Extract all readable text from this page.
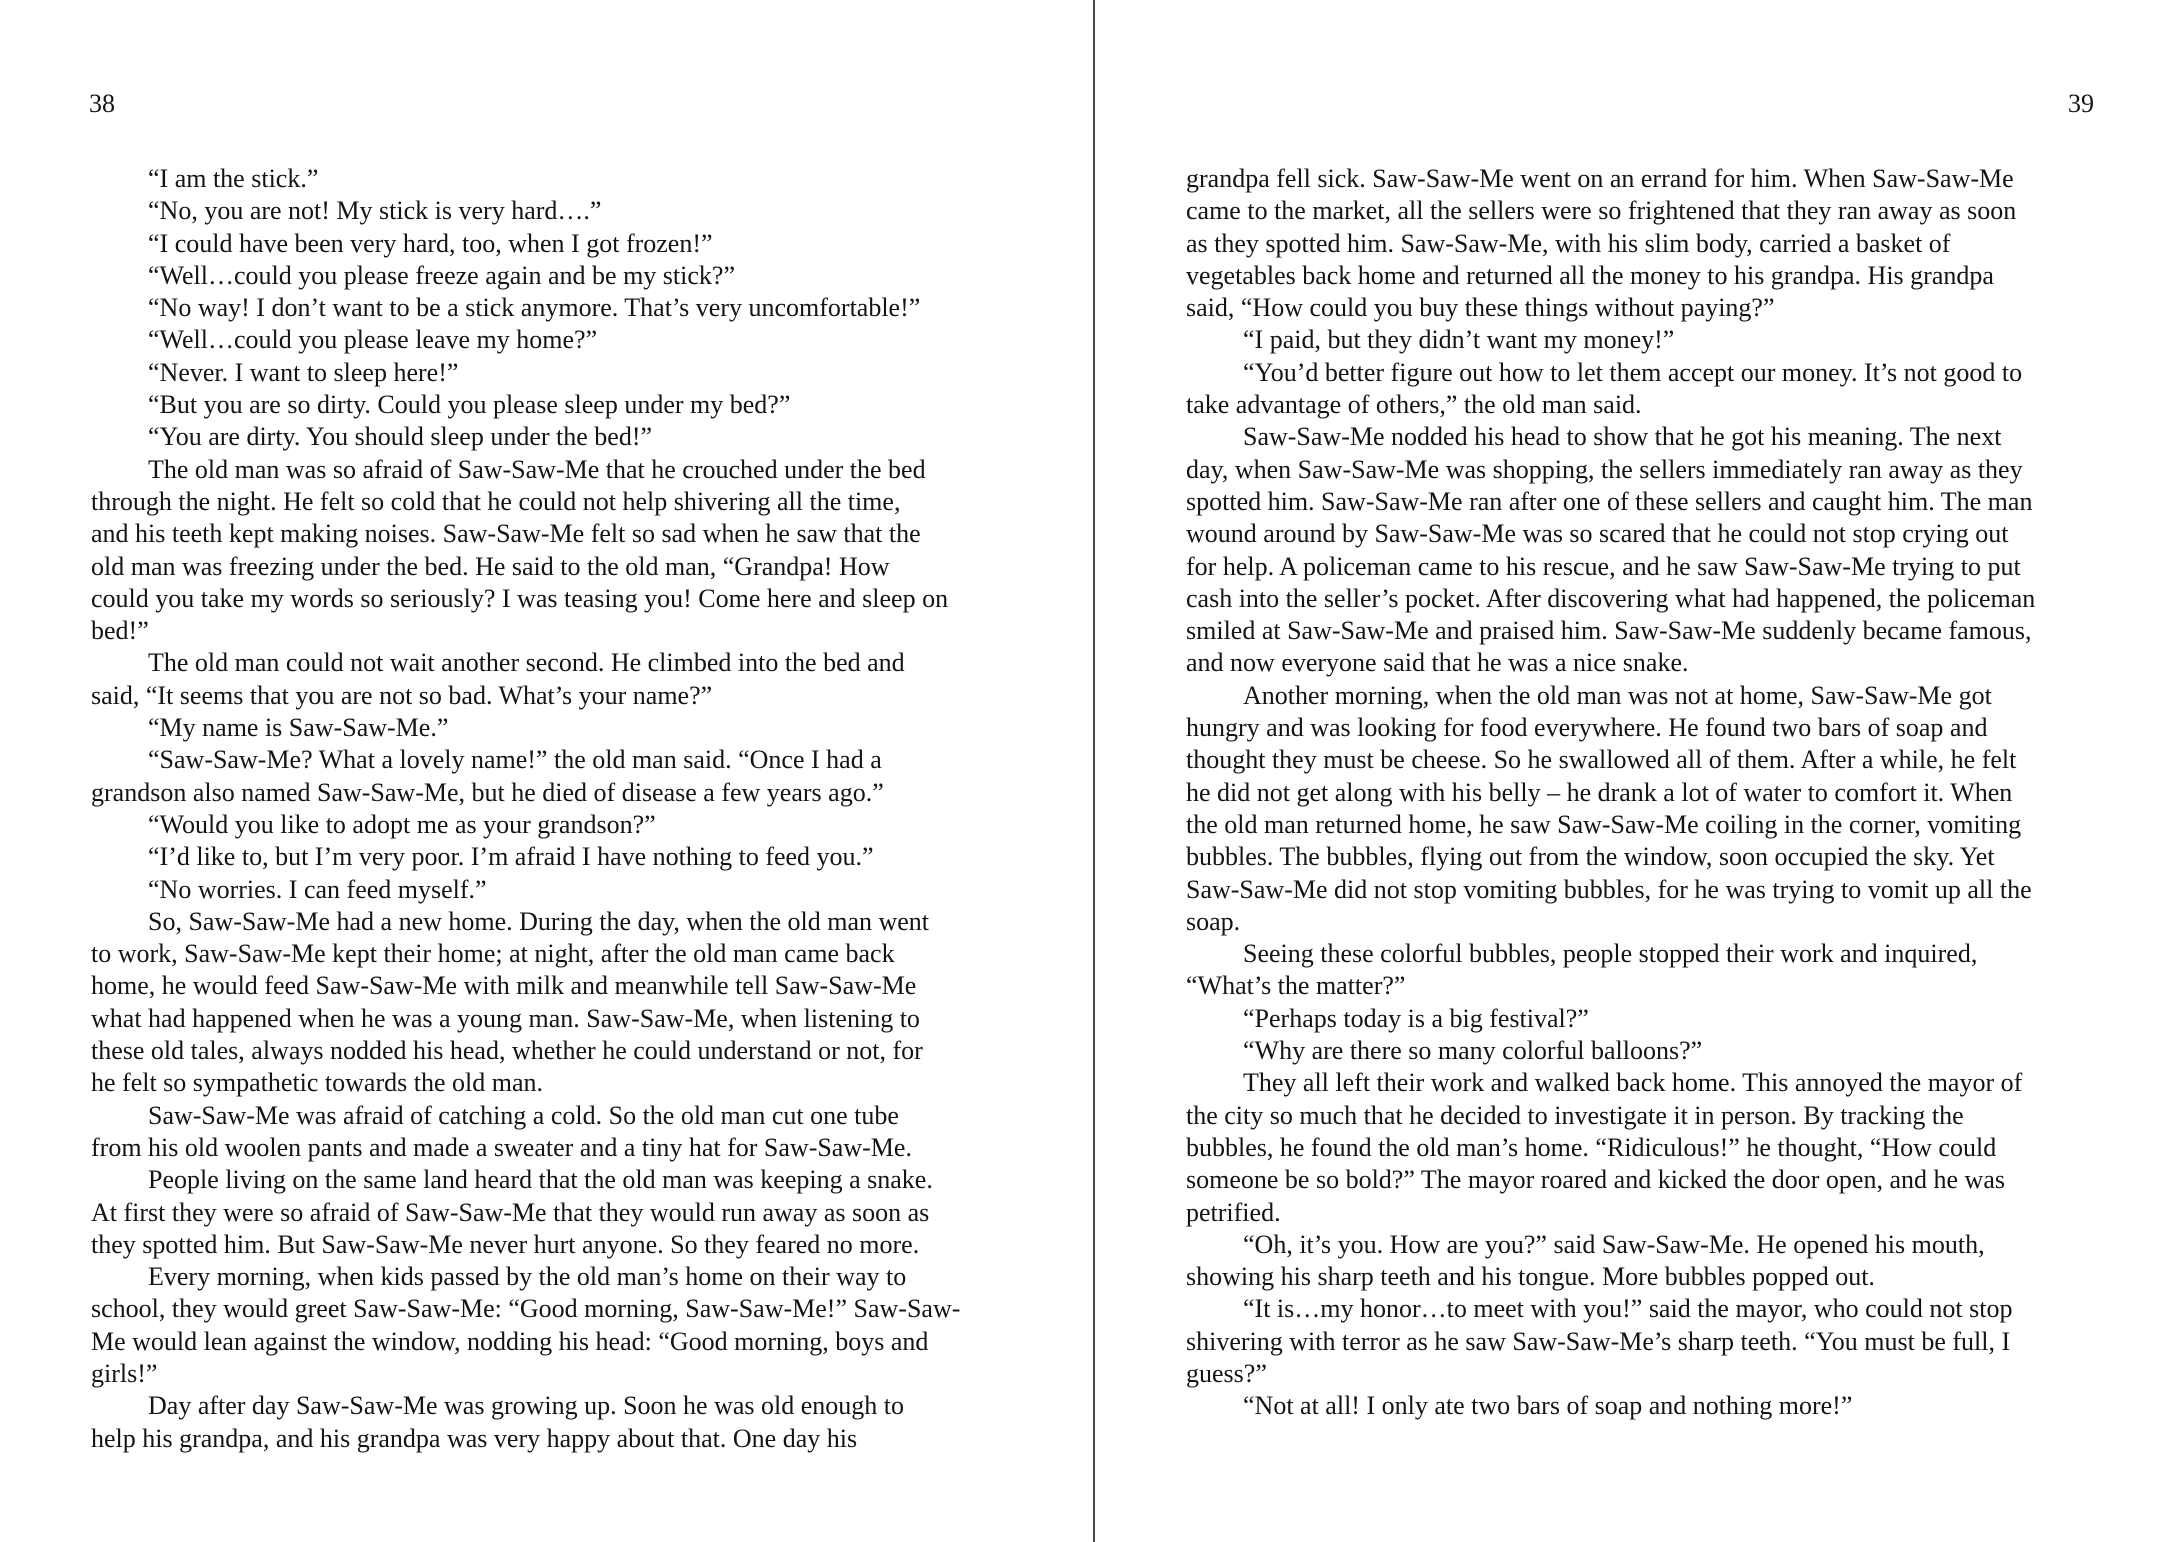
38	39
“I am the stick.”
“No, you are not! My stick is very hard….”
“I could have been very hard, too, when I got frozen!”
“Well…could you please freeze again and be my stick?”
“No way! I don’t want to be a stick anymore. That’s very uncomfortable!”
“Well…could you please leave my home?”
“Never. I want to sleep here!”
“But you are so dirty. Could you please sleep under my bed?”
“You are dirty. You should sleep under the bed!”
The old man was so afraid of Saw-Saw-Me that he crouched under the bed
through the night. He felt so cold that he could not help shivering all the time,
and his teeth kept making noises. Saw-Saw-Me felt so sad when he saw that the
old man was freezing under the bed. He said to the old man, “Grandpa! How
could you take my words so seriously? I was teasing you! Come here and sleep on
bed!”
The old man could not wait another second. He climbed into the bed and
said, “It seems that you are not so bad. What’s your name?”
“My name is Saw-Saw-Me.”
“Saw-Saw-Me? What a lovely name!” the old man said. “Once I had a
grandson also named Saw-Saw-Me, but he died of disease a few years ago.”
“Would you like to adopt me as your grandson?”
“I’d like to, but I’m very poor. I’m afraid I have nothing to feed you.”
“No worries. I can feed myself.”
So, Saw-Saw-Me had a new home. During the day, when the old man went
to work, Saw-Saw-Me kept their home; at night, after the old man came back
home, he would feed Saw-Saw-Me with milk and meanwhile tell Saw-Saw-Me
what had happened when he was a young man. Saw-Saw-Me, when listening to
these old tales, always nodded his head, whether he could understand or not, for
he felt so sympathetic towards the old man.
Saw-Saw-Me was afraid of catching a cold. So the old man cut one tube
from his old woolen pants and made a sweater and a tiny hat for Saw-Saw-Me.
People living on the same land heard that the old man was keeping a snake.
At first they were so afraid of Saw-Saw-Me that they would run away as soon as
they spotted him. But Saw-Saw-Me never hurt anyone. So they feared no more.
Every morning, when kids passed by the old man’s home on their way to
school, they would greet Saw-Saw-Me: “Good morning, Saw-Saw-Me!” Saw-Saw-
Me would lean against the window, nodding his head: “Good morning, boys and
girls!”
Day after day Saw-Saw-Me was growing up. Soon he was old enough to
help his grandpa, and his grandpa was very happy about that. One day his
grandpa fell sick. Saw-Saw-Me went on an errand for him. When Saw-Saw-Me
came to the market, all the sellers were so frightened that they ran away as soon
as they spotted him. Saw-Saw-Me, with his slim body, carried a basket of
vegetables back home and returned all the money to his grandpa. His grandpa
said, “How could you buy these things without paying?”
“I paid, but they didn’t want my money!”
“You’d better figure out how to let them accept our money. It’s not good to
take advantage of others,” the old man said.
Saw-Saw-Me nodded his head to show that he got his meaning. The next
day, when Saw-Saw-Me was shopping, the sellers immediately ran away as they
spotted him. Saw-Saw-Me ran after one of these sellers and caught him. The man
wound around by Saw-Saw-Me was so scared that he could not stop crying out
for help. A policeman came to his rescue, and he saw Saw-Saw-Me trying to put
cash into the seller’s pocket. After discovering what had happened, the policeman
smiled at Saw-Saw-Me and praised him. Saw-Saw-Me suddenly became famous,
and now everyone said that he was a nice snake.
Another morning, when the old man was not at home, Saw-Saw-Me got
hungry and was looking for food everywhere. He found two bars of soap and
thought they must be cheese. So he swallowed all of them. After a while, he felt
he did not get along with his belly – he drank a lot of water to comfort it. When
the old man returned home, he saw Saw-Saw-Me coiling in the corner, vomiting
bubbles. The bubbles, flying out from the window, soon occupied the sky. Yet
Saw-Saw-Me did not stop vomiting bubbles, for he was trying to vomit up all the
soap.
Seeing these colorful bubbles, people stopped their work and inquired,
“What’s the matter?”
“Perhaps today is a big festival?”
“Why are there so many colorful balloons?”
They all left their work and walked back home. This annoyed the mayor of
the city so much that he decided to investigate it in person. By tracking the
bubbles, he found the old man’s home. “Ridiculous!” he thought, “How could
someone be so bold?” The mayor roared and kicked the door open, and he was
petrified.
“Oh, it’s you. How are you?” said Saw-Saw-Me. He opened his mouth,
showing his sharp teeth and his tongue. More bubbles popped out.
“It is…my honor…to meet with you!” said the mayor, who could not stop
shivering with terror as he saw Saw-Saw-Me’s sharp teeth. “You must be full, I
guess?”
“Not at all! I only ate two bars of soap and nothing more!”
